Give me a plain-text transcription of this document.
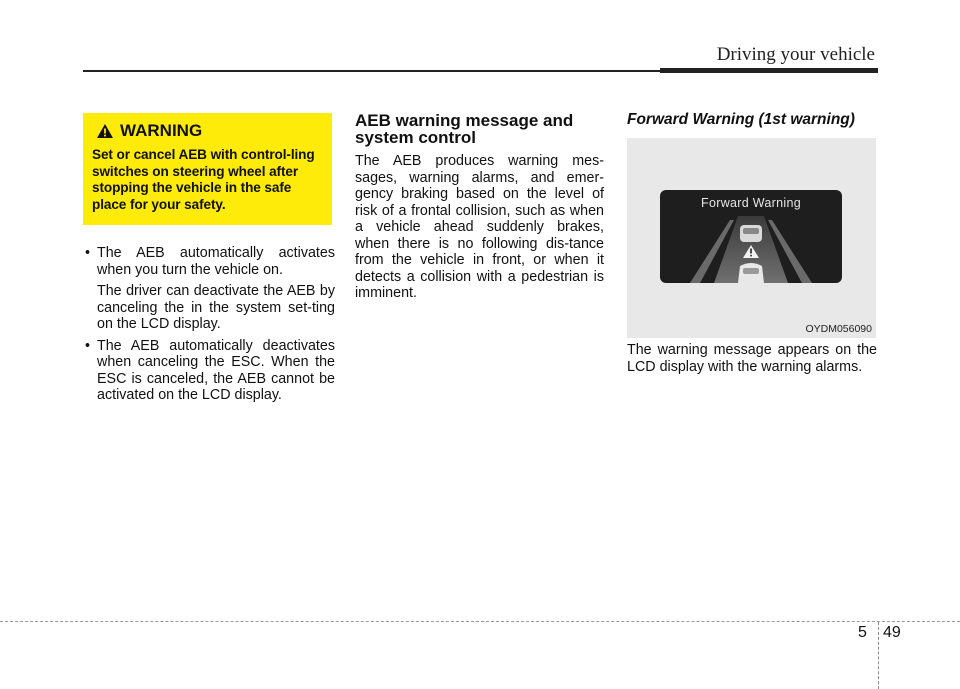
Driving your vehicle
WARNING
Set or cancel AEB with control-ling switches on steering wheel after stopping the vehicle in the safe place for your safety.
• The AEB automatically activates when you turn the vehicle on.

The driver can deactivate the AEB by canceling the in the system set-ting on the LCD display.
• The AEB automatically deactivates when canceling the ESC. When the ESC is canceled, the AEB cannot be activated on the LCD display.

AEB warning message and system control
The AEB produces warning mes-sages, warning alarms, and emer-gency braking based on the level of risk of a frontal collision, such as when a vehicle ahead suddenly brakes, when there is no following dis-tance from the vehicle in front, or when it detects a collision with a pedestrian is imminent.
Forward Warning (1st warning)
Forward Warning
OYDM056090
The warning message appears on the LCD display with the warning alarms.
5 49
